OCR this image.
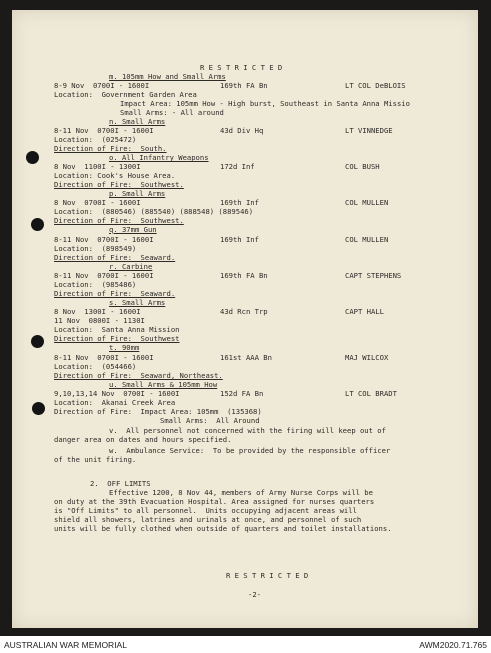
R E S T R I C T E D
m. 105mm How and Small Arms
8-9 Nov  0700I - 1600I	169th FA Bn	LT COL DeBLOIS
Location:  Government Garden Area
Impact Area: 105mm How - High burst, Southeast in Santa Anna Missio
Small Arms: - All around
n. Small Arms
8-11 Nov  0700I - 1600I	43d Div Hq	LT VINNEDGE
Location:  (025472)
Direction of Fire:  South.
o. All Infantry Weapons
8 Nov  1100I - 1300I	172d Inf	COL BUSH
Location: Cook's House Area.
Direction of Fire:  Southwest.
p. Small Arms
8 Nov  0700I - 1600I	169th Inf	COL MULLEN
Location:  (880546) (885540) (888548) (889546)
Direction of Fire:  Southwest.
q. 37mm Gun
8-11 Nov  0700I - 1600I	169th Inf	COL MULLEN
Location:  (898549)
Direction of Fire:  Seaward.
r. Carbine
8-11 Nov  0700I - 1600I	169th FA Bn	CAPT STEPHENS
Location:  (985486)
Direction of Fire:  Seaward.
s. Small Arms
8 Nov  1300I - 1600I	43d Rcn Trp	CAPT HALL
11 Nov  0800I - 1130I
Location:  Santa Anna Mission
Direction of Fire:  Southwest
t. 90mm
8-11 Nov  0700I - 1600I	161st AAA Bn	MAJ WILCOX
Location:  (054466)
Direction of Fire:  Seaward, Northeast.
u. Small Arms & 105mm How
9,10,13,14 Nov  0700I - 1600I	152d FA Bn	LT COL BRADT
Location:  Akanai Creek Area
Direction of Fire:  Impact Area: 105mm  (135368)
Small Arms:  All Around
v.  All personnel not concerned with the firing will keep out of
danger area on dates and hours specified.
w.  Ambulance Service:  To be provided by the responsible officer
of the unit firing.
2.  OFF LIMITS
Effective 1200, 8 Nov 44, members of Army Nurse Corps will be
on duty at the 39th Evacuation Hospital. Area assigned for nurses quarters
is "Off Limits" to all personnel.  Units occupying adjacent areas will
shield all showers, latrines and urinals at once, and personnel of such
units will be fully clothed when outside of quarters and toilet installations.
R E S T R I C T E D
-2-
AUSTRALIAN WAR MEMORIAL	AWM2020.71.765
